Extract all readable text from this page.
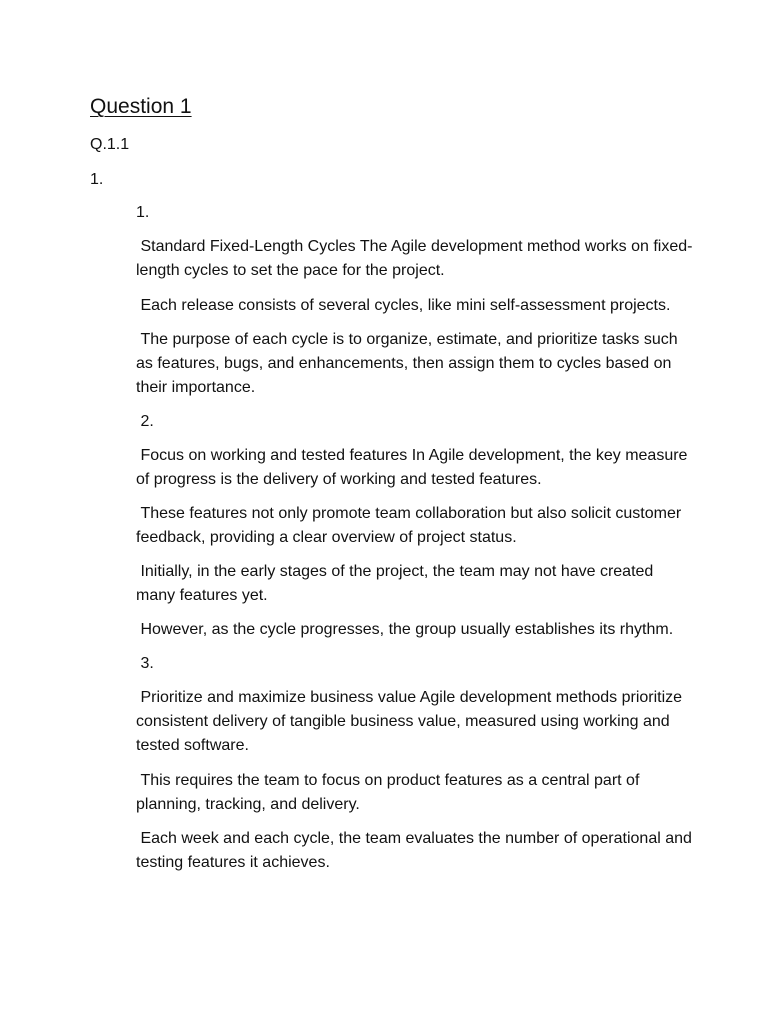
Question 1

Q.1.1

1.

1.

Standard Fixed-Length Cycles The Agile development method works on fixed-length cycles to set the pace for the project.

Each release consists of several cycles, like mini self-assessment projects.

The purpose of each cycle is to organize, estimate, and prioritize tasks such as features, bugs, and enhancements, then assign them to cycles based on their importance.

2.

Focus on working and tested features In Agile development, the key measure of progress is the delivery of working and tested features.

These features not only promote team collaboration but also solicit customer feedback, providing a clear overview of project status.

Initially, in the early stages of the project, the team may not have created many features yet.

However, as the cycle progresses, the group usually establishes its rhythm.

3.

Prioritize and maximize business value Agile development methods prioritize consistent delivery of tangible business value, measured using working and tested software.

This requires the team to focus on product features as a central part of planning, tracking, and delivery.

Each week and each cycle, the team evaluates the number of operational and testing features it achieves.
